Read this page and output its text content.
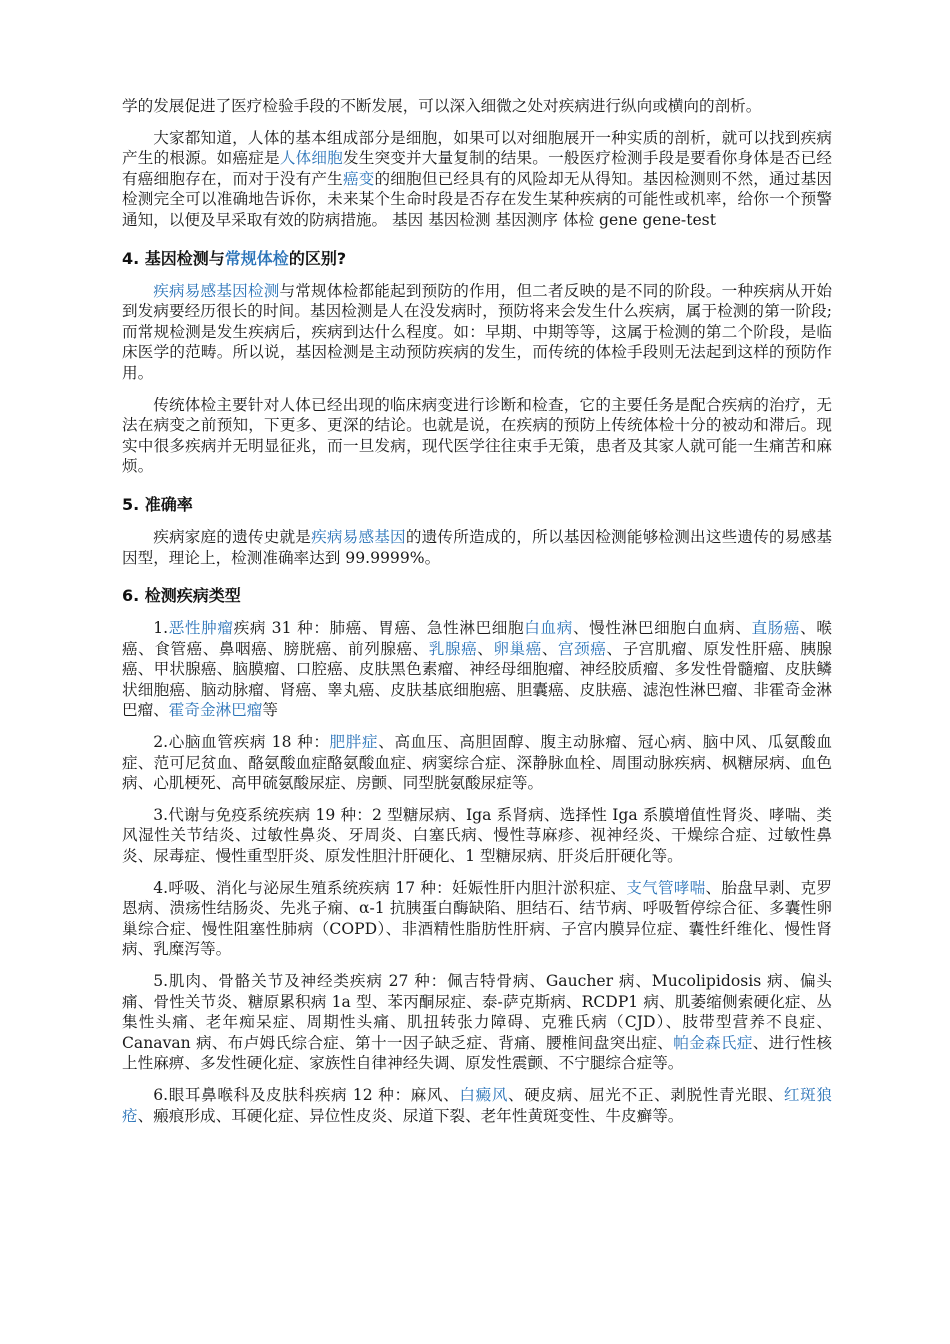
学的发展促进了医疗检验手段的不断发展，可以深入细微之处对疾病进行纵向或横向的剖析。

大家都知道，人体的基本组成部分是细胞，如果可以对细胞展开一种实质的剖析，就可以找到疾病产生的根源。如癌症是人体细胞发生突变并大量复制的结果。一般医疗检测手段是要看你身体是否已经有癌细胞存在，而对于没有产生癌变的细胞但已经具有的风险却无从得知。基因检测则不然，通过基因检测完全可以准确地告诉你，未来某个生命时段是否存在发生某种疾病的可能性或机率，给你一个预警通知，以便及早采取有效的防病措施。 基因 基因检测 基因测序 体检 gene gene-test

4. 基因检测与常规体检的区别?

疾病易感基因检测与常规体检都能起到预防的作用，但二者反映的是不同的阶段。一种疾病从开始到发病要经历很长的时间。基因检测是人在没发病时，预防将来会发生什么疾病，属于检测的第一阶段;而常规检测是发生疾病后，疾病到达什么程度。如：早期、中期等等，这属于检测的第二个阶段，是临床医学的范畴。所以说，基因检测是主动预防疾病的发生，而传统的体检手段则无法起到这样的预防作用。

传统体检主要针对人体已经出现的临床病变进行诊断和检查，它的主要任务是配合疾病的治疗，无法在病变之前预知，下更多、更深的结论。也就是说，在疾病的预防上传统体检十分的被动和滞后。现实中很多疾病并无明显征兆，而一旦发病，现代医学往往束手无策，患者及其家人就可能一生痛苦和麻烦。

5. 准确率

疾病家庭的遗传史就是疾病易感基因的遗传所造成的，所以基因检测能够检测出这些遗传的易感基因型，理论上，检测准确率达到 99.9999%。

6. 检测疾病类型

1.恶性肿瘤疾病 31 种：肺癌、胃癌、急性淋巴细胞白血病、慢性淋巴细胞白血病、直肠癌、喉癌、食管癌、鼻咽癌、膀胱癌、前列腺癌、乳腺癌、卵巢癌、宫颈癌、子宫肌瘤、原发性肝癌、胰腺癌、甲状腺癌、脑膜瘤、口腔癌、皮肤黑色素瘤、神经母细胞瘤、神经胶质瘤、多发性骨髓瘤、皮肤鳞状细胞癌、脑动脉瘤、肾癌、睾丸癌、皮肤基底细胞癌、胆囊癌、皮肤癌、滤泡性淋巴瘤、非霍奇金淋巴瘤、霍奇金淋巴瘤等

2.心脑血管疾病 18 种：肥胖症、高血压、高胆固醇、腹主动脉瘤、冠心病、脑中风、瓜氨酸血症、范可尼贫血、酪氨酸血症酪氨酸血症、病窦综合症、深静脉血栓、周围动脉疾病、枫糖尿病、血色病、心肌梗死、高甲硫氨酸尿症、房颤、同型胱氨酸尿症等。

3.代谢与免疫系统疾病 19 种：2 型糖尿病、Iga 系肾病、选择性 Iga 系膜增值性肾炎、哮喘、类风湿性关节结炎、过敏性鼻炎、牙周炎、白塞氏病、慢性荨麻疹、视神经炎、干燥综合症、过敏性鼻炎、尿毒症、慢性重型肝炎、原发性胆汁肝硬化、1 型糖尿病、肝炎后肝硬化等。

4.呼吸、消化与泌尿生殖系统疾病 17 种：妊娠性肝内胆汁淤积症、支气管哮喘、胎盘早剥、克罗恩病、溃疡性结肠炎、先兆子痫、α-1 抗胰蛋白酶缺陷、胆结石、结节病、呼吸暂停综合征、多囊性卵巢综合症、慢性阻塞性肺病（COPD）、非酒精性脂肪性肝病、子宫内膜异位症、囊性纤维化、慢性肾病、乳糜泻等。

5.肌肉、骨骼关节及神经类疾病 27 种：佩吉特骨病、Gaucher 病、Mucolipidosis 病、偏头痛、骨性关节炎、糖原累积病 1a 型、苯丙酮尿症、泰-萨克斯病、RCDP1 病、肌萎缩侧索硬化症、丛集性头痛、老年痴呆症、周期性头痛、肌扭转张力障碍、克雅氏病（CJD）、肢带型营养不良症、Canavan 病、布卢姆氏综合症、第十一因子缺乏症、背痛、腰椎间盘突出症、帕金森氏症、进行性核上性麻痹、多发性硬化症、家族性自律神经失调、原发性震颤、不宁腿综合症等。

6.眼耳鼻喉科及皮肤科疾病 12 种：麻风、白癜风、硬皮病、屈光不正、剥脱性青光眼、红斑狼疮、瘢痕形成、耳硬化症、异位性皮炎、尿道下裂、老年性黄斑变性、牛皮癣等。
